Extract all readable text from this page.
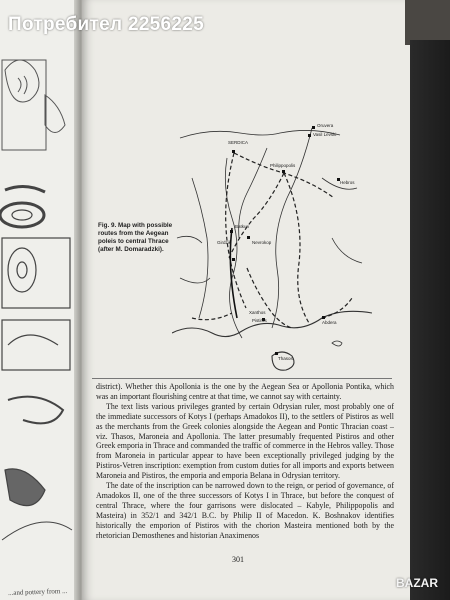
...and pottery from ...
Потребител 2256225
Fig. 9. Map with possible routes from the Aegean poleis to central Thrace (after M. Domaradzki).
SERDICA
Oruvera
Vasil Levski
Philippopolis
Hebros
Batkun
Girdzik	Nevrokop
Xanthos
Pistiros	Abdera
Thasos

district). Whether this Apollonia is the one by the Aegean Sea or Apollonia Pontika, which was an important flourishing centre at that time, we cannot say with certainty.

The text lists various privileges granted by certain Odrysian ruler, most probably one of the immediate successors of Kotys I (perhaps Amadokos II), to the settlers of Pistiros as well as the merchants from the Greek colonies alongside the Aegean and Pontic Thracian coast – viz. Thasos, Maroneia and Apollonia. The latter presumably frequented Pistiros and other Greek emporia in Thrace and commanded the traffic of commerce in the Hebros valley. Those from Maroneia in particular appear to have been exceptionally privileged judging by the Pistiros-Vetren inscription: exemption from custom duties for all imports and exports between Maroneia and Pistiros, the emporia and emporia Belana in Odrysian territory.

The date of the inscription can be narrowed down to the reign, or period of governance, of Amadokos II, one of the three successors of Kotys I in Thrace, but before the conquest of central Thrace, where the four garrisons were dislocated – Kabyle, Philippopolis and Masteira) in 352/1 and 342/1 B.C. by Philip II of Macedon. K. Boshnakov identifies historically the emporion of Pistiros with the chorion Masteira mentioned both by the rhetorician Demosthenes and historian Anaximenos

301
BAZAR
